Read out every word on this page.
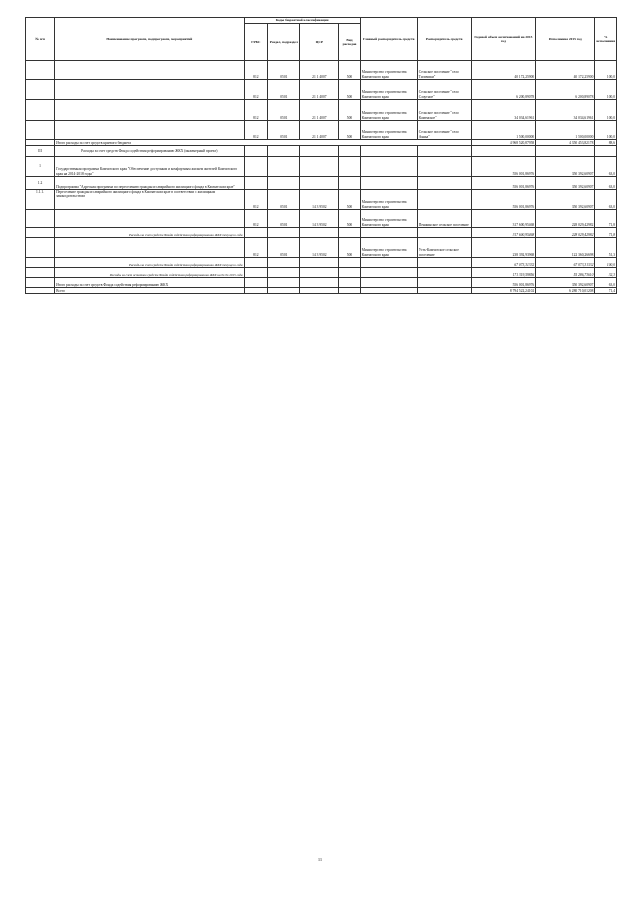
№ п/п	Наименование программ, подпрограмм, мероприятий	Коды бюджетной классификации				Главный распорядитель средств	Распорядитель средств	Годовой объем ассигнований на 2015 год	Исполнение 2015 год	% исполнения
		ГРБС	Раздел, подраздел	ЦСР	Вид расходов					
		812	0501	21 1 4007	500	Министерство строительства Камчатского края	Сельское поселение "село Тиличики"	40 172,25900	40 172,25900	100,0
		812	0501	21 1 4007	500	Министерство строительства Камчатского края	Сельское поселение "село Слаутное"	6 200,89078	6 200,89078	100,0
		812	0501	21 1 4007	500	Министерство строительства Камчатского края	Сельское поселение "село Каменское"	34 034,61961	34 034,61961	100,0
		812	0501	21 1 4007	500	Министерство строительства Камчатского края	Сельское поселение "село Аянка"	1 500,00000	1 500,00000	100,0
	Итого расходы за счет средств краевого бюджета							4 968 520,87958	4 350 453,82178	88,6
III	Расходы за счет средств Фонда содействия реформированию ЖКХ (инженерный проект)									
1	Государственная программа Камчатского края "Обеспечение доступным и комфортным жильем жителей Камчатского края на 2014-2018 годы"							556 001,86976	350 392,60907	63,0
1.2	Подпрограмма "Адресная программа по переселению граждан из аварийного жилищного фонда в Камчатском крае"							556 001,86976	350 392,60907	63,0
1.1.1.	Переселение граждан из аварийного жилищного фонда в Камчатском крае в соответствии с жилищным законодательством	812	0501	14 3 9502	500	Министерство строительства Камчатского края		556 001,86976	350 392,60907	63,0
		812	0501	14 3 9502	500	Министерство строительства Камчатского края	Пенжинское сельское поселение	317 600,95468	228 029,42982	71,8
	Расходы за счет средств Фонда содействия реформированию ЖКХ текущего года							317 600,95468	228 029,42982	71,8
		812	0501	14 3 9502	500	Министерство строительства Камчатского края	Усть-Камчатское сельское поселение	238 392,93968	122 360,26698	51,3
	Расходы за счет средств Фонда содействия реформированию ЖКХ текущего года							67 073,31332	67 073,31332	100,0
	Расходы за счет остатков средств Фонда содействия реформированию ЖКХ на 01.01.2015 года							171 319,59856	55 286,73610	32,3
	Итого расходы за счет средств Фонда содействия реформированию ЖКХ							556 001,86976	350 392,60907	63,0
	Всего							8 794 522,24102	6 280 710,01208	71,4
11
